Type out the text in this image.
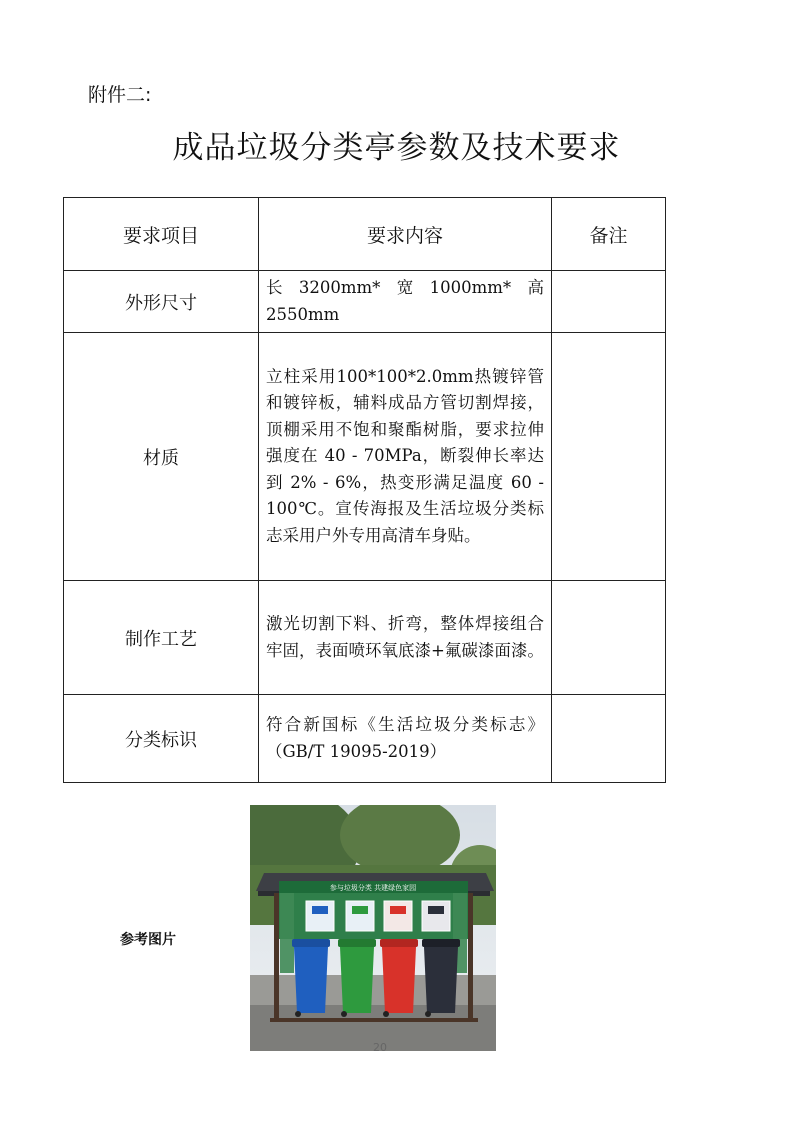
附件二:
成品垃圾分类亭参数及技术要求
要求项目	要求内容	备注
外形尺寸	长3200mm*宽1000mm*高2550mm	
材质	立柱采用100*100*2.0mm热镀锌管和镀锌板，辅料成品方管切割焊接，顶棚采用不饱和聚酯树脂，要求拉伸强度在 40 - 70MPa，断裂伸长率达到 2% - 6%，热变形满足温度 60 - 100℃。宣传海报及生活垃圾分类标志采用户外专用高清车身贴。	
制作工艺	激光切割下料、折弯，整体焊接组合牢固，表面喷环氧底漆+氟碳漆面漆。	
分类标识	符合新国标《生活垃圾分类标志》（GB/T 19095-2019）	
参考图片
参与垃圾分类 共建绿色家园
20
